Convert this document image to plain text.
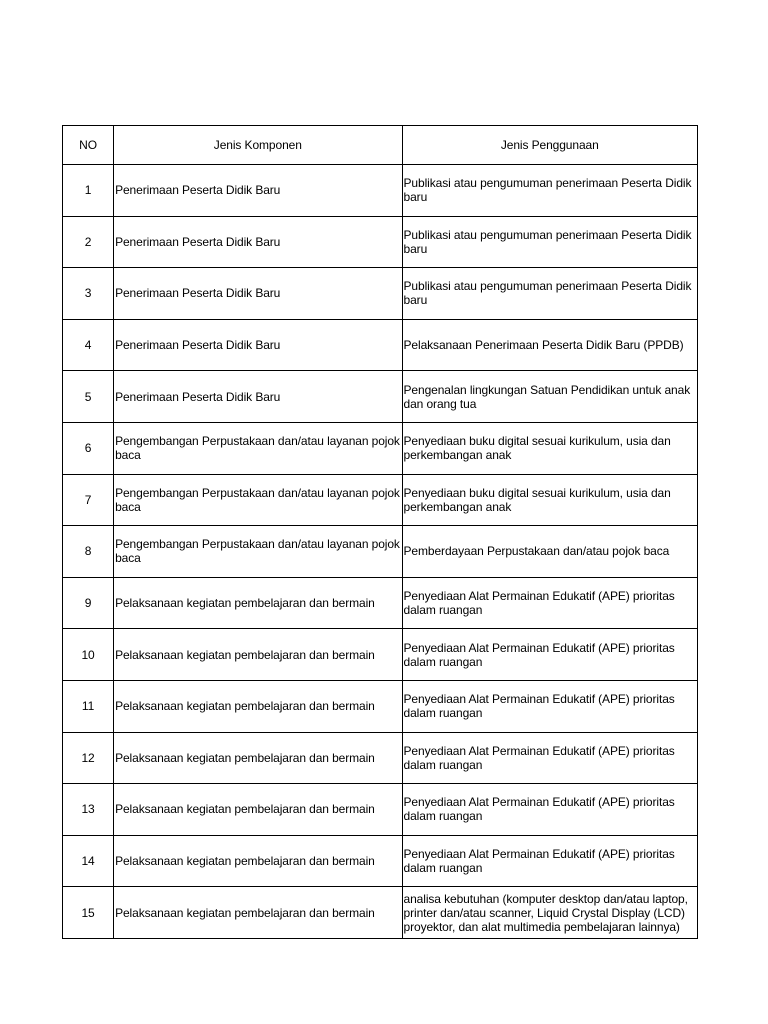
NO	Jenis Komponen	Jenis Penggunaan
1	Penerimaan Peserta Didik Baru	Publikasi atau pengumuman penerimaan Peserta Didik baru
2	Penerimaan Peserta Didik Baru	Publikasi atau pengumuman penerimaan Peserta Didik baru
3	Penerimaan Peserta Didik Baru	Publikasi atau pengumuman penerimaan Peserta Didik baru
4	Penerimaan Peserta Didik Baru	Pelaksanaan Penerimaan Peserta Didik Baru (PPDB)
5	Penerimaan Peserta Didik Baru	Pengenalan lingkungan Satuan Pendidikan untuk anak dan orang tua
6	Pengembangan Perpustakaan dan/atau layanan pojok baca	Penyediaan buku digital sesuai kurikulum, usia dan perkembangan anak
7	Pengembangan Perpustakaan dan/atau layanan pojok baca	Penyediaan buku digital sesuai kurikulum, usia dan perkembangan anak
8	Pengembangan Perpustakaan dan/atau layanan pojok baca	Pemberdayaan Perpustakaan dan/atau pojok baca
9	Pelaksanaan kegiatan pembelajaran dan bermain	Penyediaan Alat Permainan Edukatif (APE) prioritas dalam ruangan
10	Pelaksanaan kegiatan pembelajaran dan bermain	Penyediaan Alat Permainan Edukatif (APE) prioritas dalam ruangan
11	Pelaksanaan kegiatan pembelajaran dan bermain	Penyediaan Alat Permainan Edukatif (APE) prioritas dalam ruangan
12	Pelaksanaan kegiatan pembelajaran dan bermain	Penyediaan Alat Permainan Edukatif (APE) prioritas dalam ruangan
13	Pelaksanaan kegiatan pembelajaran dan bermain	Penyediaan Alat Permainan Edukatif (APE) prioritas dalam ruangan
14	Pelaksanaan kegiatan pembelajaran dan bermain	Penyediaan Alat Permainan Edukatif (APE) prioritas dalam ruangan
15	Pelaksanaan kegiatan pembelajaran dan bermain	analisa kebutuhan (komputer desktop dan/atau laptop, printer dan/atau scanner, Liquid Crystal Display (LCD) proyektor, dan alat multimedia pembelajaran lainnya)
